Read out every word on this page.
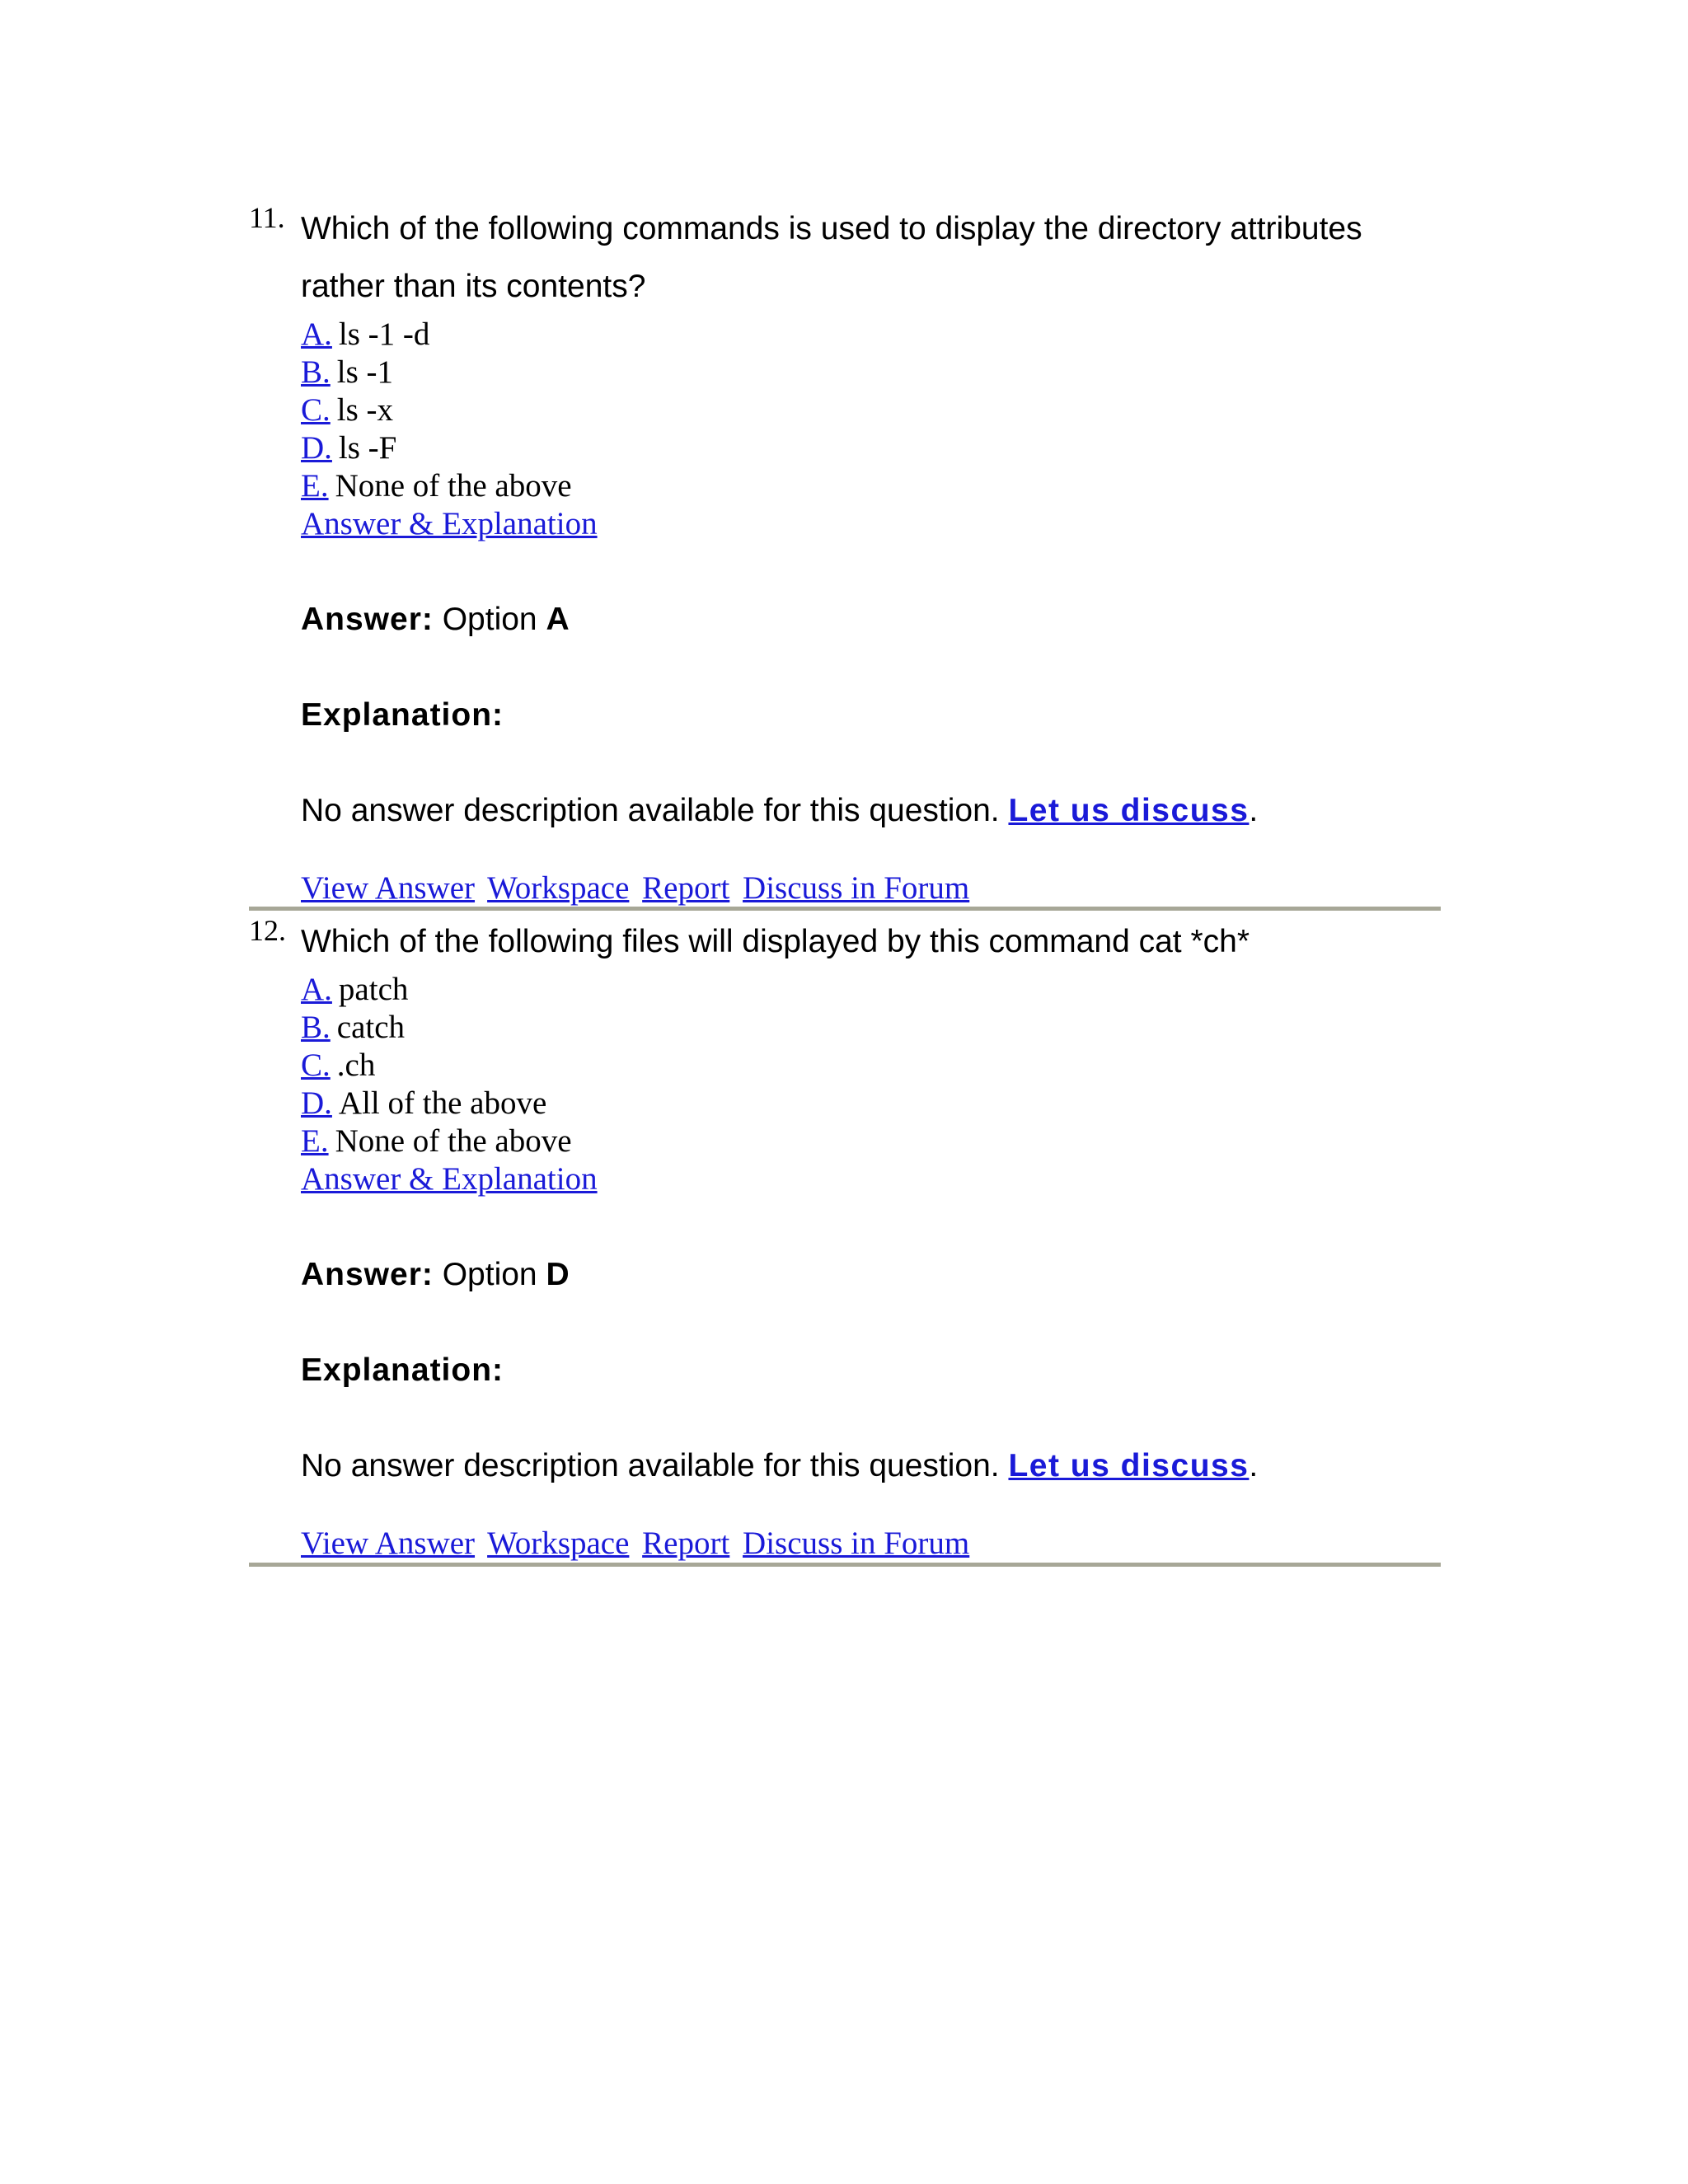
11. Which of the following commands is used to display the directory attributes rather than its contents?

A. ls -1 -d
B. ls -1
C. ls -x
D. ls -F
E. None of the above
Answer & Explanation
Answer: Option A
Explanation:
No answer description available for this question. Let us discuss.
View Answer Workspace Report Discuss in Forum
12. Which of the following files will displayed by this command cat *ch*

A. patch
B. catch
C. .ch
D. All of the above
E. None of the above
Answer & Explanation
Answer: Option D
Explanation:
No answer description available for this question. Let us discuss.
View Answer Workspace Report Discuss in Forum
